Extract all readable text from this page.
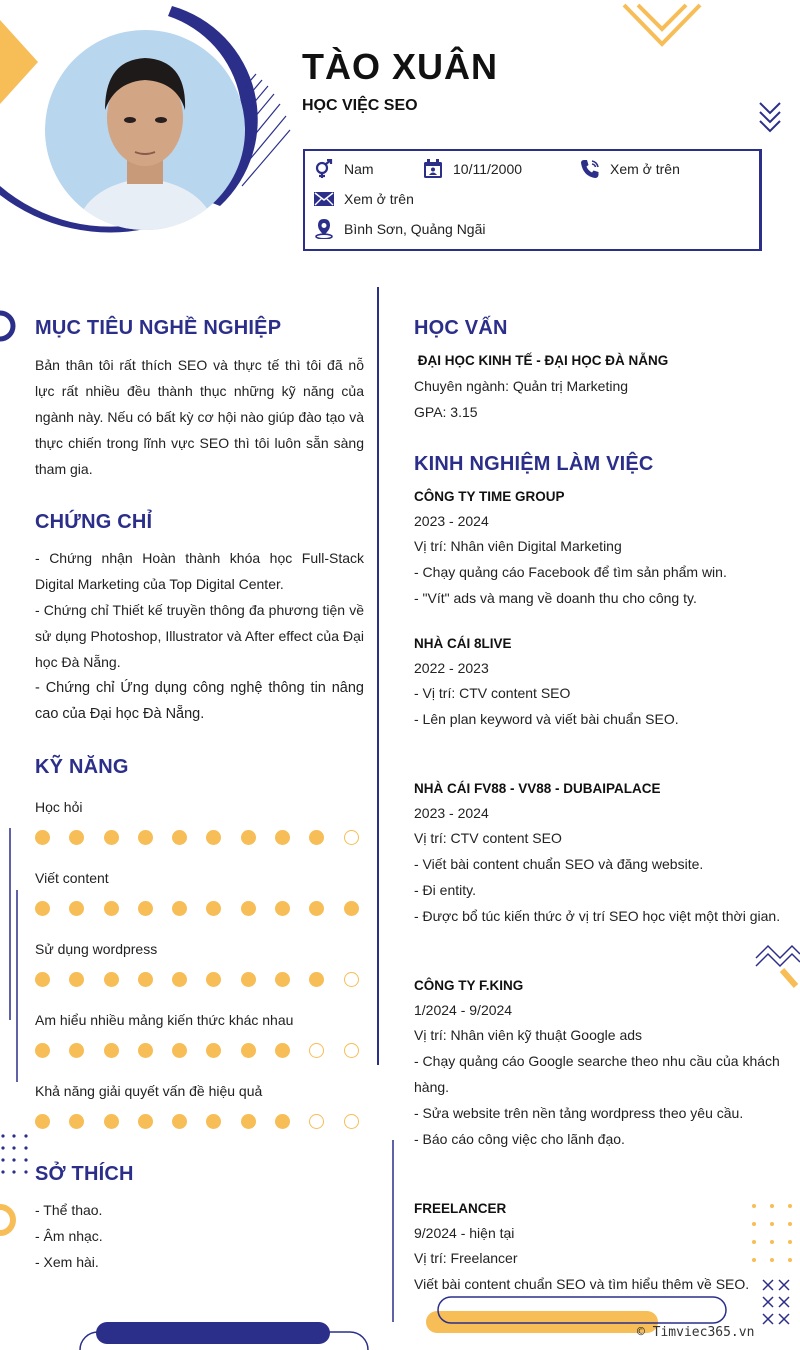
TÀO XUÂN
HỌC VIỆC SEO
Nam	10/11/2000	Xem ở trên
Xem ở trên
Bình Sơn, Quảng Ngãi
MỤC TIÊU NGHỀ NGHIỆP
Bản thân tôi rất thích SEO và thực tế thì tôi đã nỗ lực rất nhiều đều thành thục những kỹ năng của ngành này. Nếu có bất kỳ cơ hội nào giúp đào tạo và thực chiến trong lĩnh vực SEO thì tôi luôn sẵn sàng tham gia.
CHỨNG CHỈ
- Chứng nhận Hoàn thành khóa học Full-Stack Digital Marketing của Top Digital Center.
- Chứng chỉ Thiết kế truyền thông đa phương tiện về sử dụng Photoshop, Illustrator và After effect của Đại học Đà Nẵng.
- Chứng chỉ Ứng dụng công nghệ thông tin nâng cao của Đại học Đà Nẵng.
KỸ NĂNG
Học hỏi
Viết content
Sử dụng wordpress
Am hiểu nhiều mảng kiến thức khác nhau
Khả năng giải quyết vấn đề hiệu quả
SỞ THÍCH
- Thể thao.
- Âm nhạc.
- Xem hài.
HỌC VẤN
ĐẠI HỌC KINH TẾ - ĐẠI HỌC ĐÀ NẴNG
Chuyên ngành: Quản trị Marketing
GPA: 3.15
KINH NGHIỆM LÀM VIỆC
CÔNG TY TIME GROUP
2023 - 2024
Vị trí: Nhân viên Digital Marketing
- Chạy quảng cáo Facebook để tìm sản phẩm win.
- "Vít" ads và mang về doanh thu cho công ty.
NHÀ CÁI 8LIVE
2022 - 2023
- Vị trí: CTV content SEO
- Lên plan keyword và viết bài chuẩn SEO.
NHÀ CÁI FV88 - VV88 - DUBAIPALACE
2023 - 2024
Vị trí: CTV content SEO
- Viết bài content chuẩn SEO và đăng website.
- Đi entity.
- Được bổ túc kiến thức ở vị trí SEO học việt một thời gian.
CÔNG TY F.KING
1/2024 - 9/2024
Vị trí: Nhân viên kỹ thuật Google ads
- Chạy quảng cáo Google searche theo nhu cầu của khách
hàng.
- Sửa website trên nền tảng wordpress theo yêu cầu.
- Báo cáo công việc cho lãnh đạo.
FREELANCER
9/2024 - hiện tại
Vị trí: Freelancer
Viết bài content chuẩn SEO và tìm hiểu thêm về SEO.
© Timviec365.vn
